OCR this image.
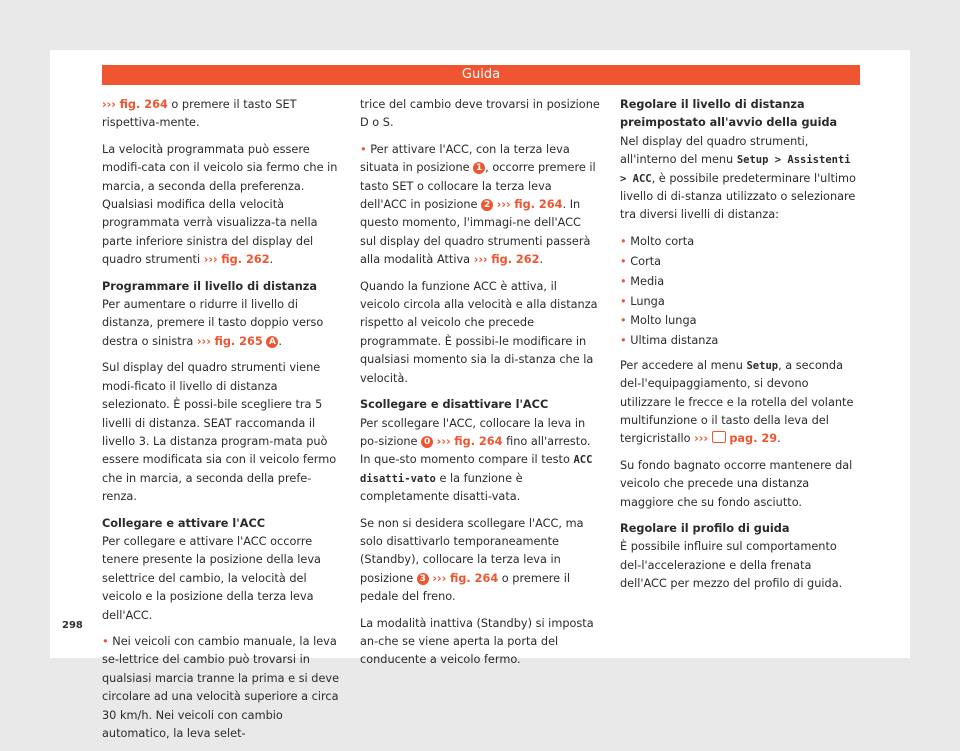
Guida

››› fig. 264 o premere il tasto SET rispettiva-mente.

La velocità programmata può essere modifi-cata con il veicolo sia fermo che in marcia, a seconda della preferenza. Qualsiasi modifica della velocità programmata verrà visualizza-ta nella parte inferiore sinistra del display del quadro strumenti ››› fig. 262.

Programmare il livello di distanza

Per aumentare o ridurre il livello di distanza, premere il tasto doppio verso destra o sinistra ››› fig. 265 A .

Sul display del quadro strumenti viene modi-ficato il livello di distanza selezionato. È possi-bile scegliere tra 5 livelli di distanza. SEAT raccomanda il livello 3. La distanza program-mata può essere modificata sia con il veicolo fermo che in marcia, a seconda della prefe-renza.

Collegare e attivare l'ACC

Per collegare e attivare l'ACC occorre tenere presente la posizione della leva selettrice del cambio, la velocità del veicolo e la posizione della terza leva dell'ACC.

• Nei veicoli con cambio manuale, la leva se-lettrice del cambio può trovarsi in qualsiasi marcia tranne la prima e si deve circolare ad una velocità superiore a circa 30 km/h. Nei veicoli con cambio automatico, la leva selet-

trice del cambio deve trovarsi in posizione D o S.

• Per attivare l'ACC, con la terza leva situata in posizione 1 , occorre premere il tasto SET o collocare la terza leva dell'ACC in posizione 2 ››› fig. 264. In questo momento, l'immagi-ne dell'ACC sul display del quadro strumenti passerà alla modalità Attiva ››› fig. 262.

Quando la funzione ACC è attiva, il veicolo circola alla velocità e alla distanza rispetto al veicolo che precede programmate. È possibi-le modificare in qualsiasi momento sia la di-stanza che la velocità.

Scollegare e disattivare l'ACC

Per scollegare l'ACC, collocare la leva in po-sizione 0 ››› fig. 264 fino all'arresto. In que-sto momento compare il testo ACC disatti-vato e la funzione è completamente disatti-vata.

Se non si desidera scollegare l'ACC, ma solo disattivarlo temporaneamente (Standby), collocare la terza leva in posizione 3 ››› fig. 264 o premere il pedale del freno.

La modalità inattiva (Standby) si imposta an-che se viene aperta la porta del conducente a veicolo fermo.

Regolare il livello di distanza preimpostato all'avvio della guida

Nel display del quadro strumenti, all'interno del menu Setup > Assistenti > ACC, è possibile predeterminare l'ultimo livello di di-stanza utilizzato o selezionare tra diversi livelli di distanza:

• Molto corta
• Corta
• Media
• Lunga
• Molto lunga
• Ultima distanza

Per accedere al menu Setup, a seconda del-l'equipaggiamento, si devono utilizzare le frecce e la rotella del volante multifunzione o il tasto della leva del tergicristallo ››› pag. 29.

Su fondo bagnato occorre mantenere dal veicolo che precede una distanza maggiore che su fondo asciutto.

Regolare il profilo di guida

È possibile influire sul comportamento del-l'accelerazione e della frenata dell'ACC per mezzo del profilo di guida.

298
